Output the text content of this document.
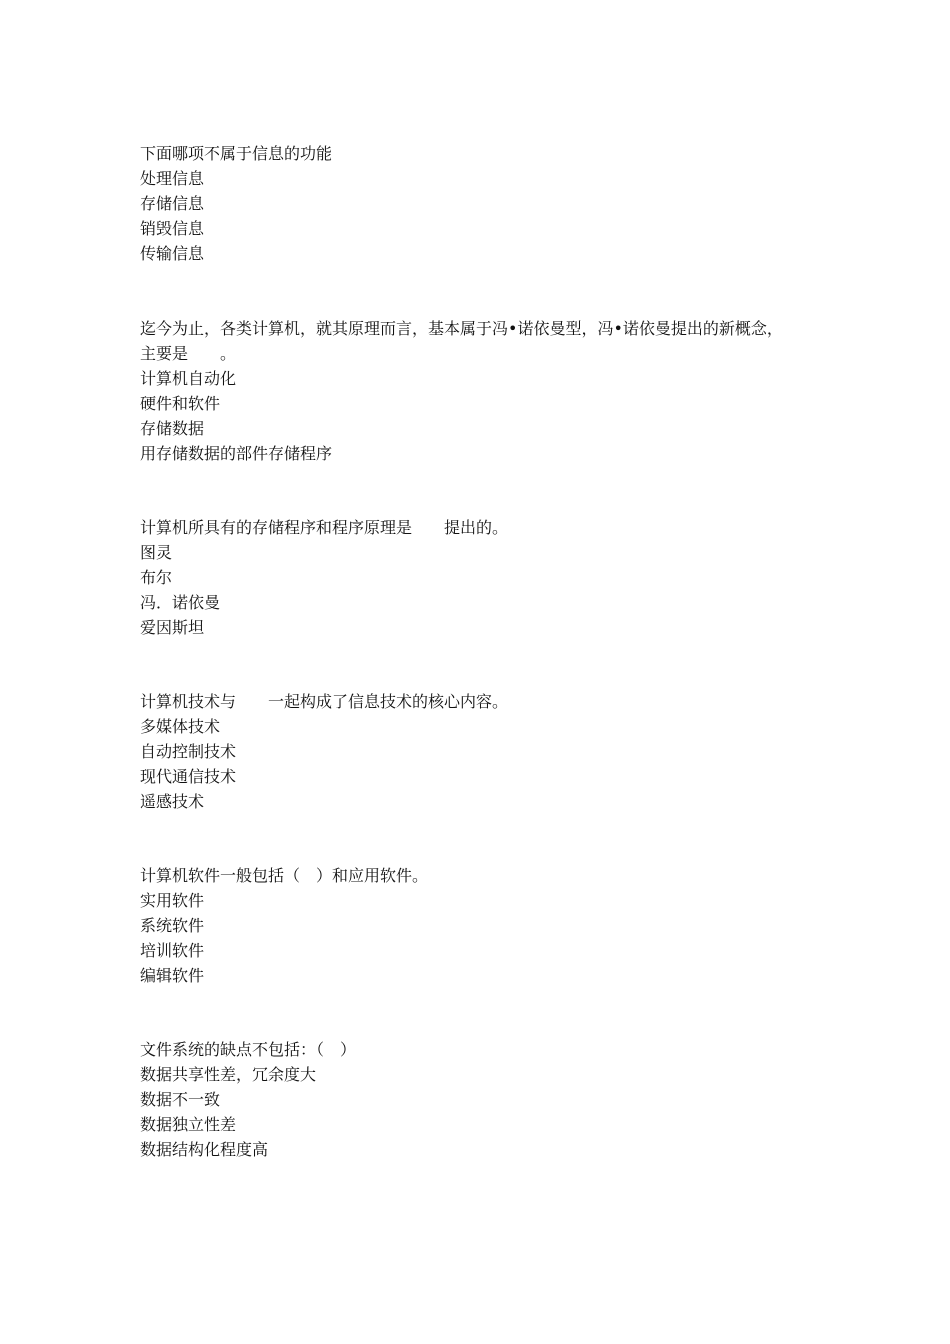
下面哪项不属于信息的功能
处理信息
存储信息
销毁信息
传输信息
迄今为止，各类计算机，就其原理而言，基本属于冯•诺依曼型，冯•诺依曼提出的新概念，
主要是　　。
计算机自动化
硬件和软件
存储数据
用存储数据的部件存储程序
计算机所具有的存储程序和程序原理是　　提出的。
图灵
布尔
冯．诺依曼
爱因斯坦
计算机技术与　　一起构成了信息技术的核心内容。
多媒体技术
自动控制技术
现代通信技术
遥感技术
计算机软件一般包括（　）和应用软件。
实用软件
系统软件
培训软件
编辑软件
文件系统的缺点不包括：（　）
数据共享性差，冗余度大
数据不一致
数据独立性差
数据结构化程度高
